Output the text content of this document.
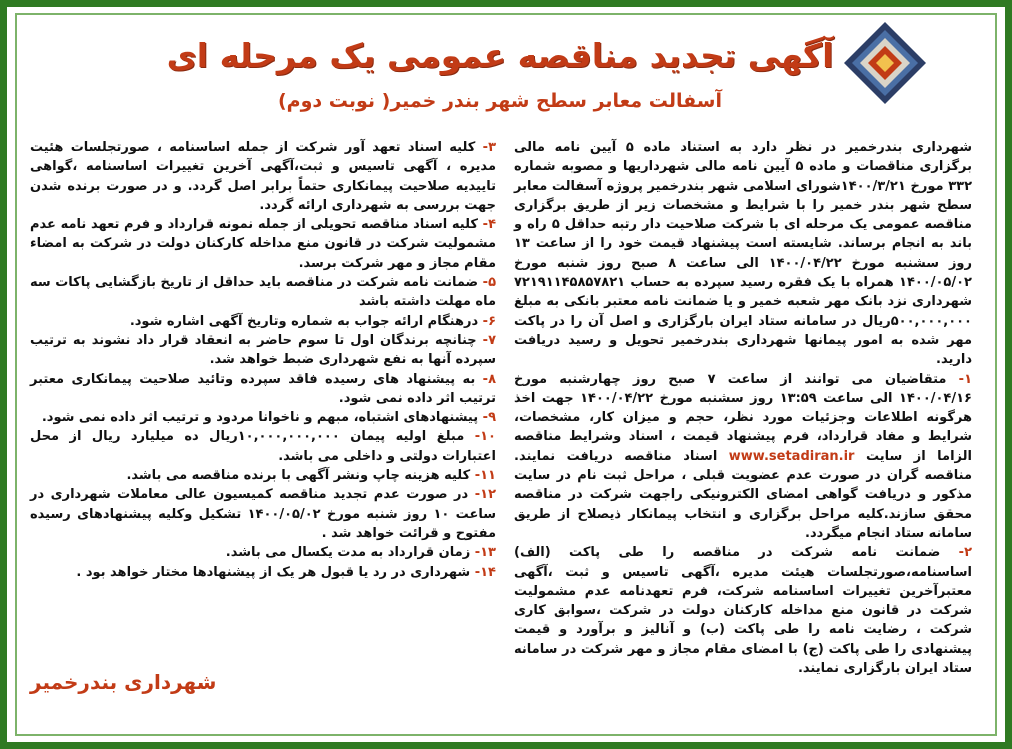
آگهی تجدید مناقصه عمومی یک مرحله ای
آسفالت معابر سطح شهر بندر خمیر( نوبت دوم)

شهرداری بندرخمیر در نظر دارد به استناد ماده ۵ آیین نامه مالی برگزاری مناقصات و ماده ۵ آیین نامه مالی شهرداریها و مصوبه شماره ۳۳۲ مورخ ۱۴۰۰/۳/۲۱شورای اسلامی شهر بندرخمیر پروژه آسفالت معابر سطح شهر بندر خمیر را با شرایط و مشخصات زیر از طریق برگزاری مناقصه عمومی یک مرحله ای با شرکت صلاحیت دار رتبه حداقل ۵ راه و باند به انجام برساند. شایسته است پیشنهاد قیمت خود را از ساعت ۱۳ روز سشنبه مورخ ۱۴۰۰/۰۴/۲۲ الی ساعت ۸ صبح روز شنبه مورخ ۱۴۰۰/۰۵/۰۲ همراه با یک فقره رسید سپرده به حساب ۷۲۱۹۱۱۴۵۸۵۷۸۲۱ شهرداری نزد بانک مهر شعبه خمیر و یا ضمانت نامه معتبر بانکی به مبلغ ۵۰۰,۰۰۰,۰۰۰ریال در سامانه ستاد ایران بارگزاری و اصل آن را در پاکت مهر شده به امور پیمانها شهرداری بندرخمیر تحویل و رسید دریافت دارید.

۱- متقاضیان می توانند از ساعت ۷ صبح روز چهارشنبه مورخ ۱۴۰۰/۰۴/۱۶ الی ساعت ۱۳:۵۹ روز سشنبه مورخ ۱۴۰۰/۰۴/۲۲ جهت اخذ هرگونه اطلاعات وجزئیات مورد نظر، حجم و میزان کار، مشخصات، شرایط و مفاد قرارداد، فرم پیشنهاد قیمت ، اسناد وشرایط مناقصه الزاما از سایت www.setadiran.ir اسناد مناقصه دریافت نمایند. مناقصه گران در صورت عدم عضویت قبلی ، مراحل ثبت نام در سایت مذکور و دریافت گواهی امضای الکترونیکی راجهت شرکت در مناقصه محقق سازند.کلیه مراحل برگزاری و انتخاب پیمانکار ذیصلاح از طریق سامانه ستاد انجام میگردد.

۲- ضمانت نامه شرکت در مناقصه را طی پاکت (الف) اساسنامه،صورتجلسات هیئت مدیره ،آگهی تاسیس و ثبت ،آگهی معتبرآخرین تغییرات اساسنامه شرکت، فرم تعهدنامه عدم مشمولیت شرکت در قانون منع مداخله کارکنان دولت در شرکت ،سوابق کاری شرکت ، رضایت نامه را طی پاکت (ب) و آنالیز و برآورد و قیمت پیشنهادی را طی پاکت (ج) با امضای مقام مجاز و مهر شرکت در سامانه ستاد ایران بارگزاری نمایند.

۳- کلیه اسناد تعهد آور شرکت از جمله اساسنامه ، صورتجلسات هئیت مدیره ، آگهی تاسیس و ثبت،آگهی آخرین تغییرات اساسنامه ،گواهی تاییدیه صلاحیت پیمانکاری حتماً برابر اصل گردد. و در صورت برنده شدن جهت بررسی به شهرداری ارائه گردد.

۴- کلیه اسناد مناقصه تحویلی از جمله نمونه قرارداد و فرم تعهد نامه عدم مشمولیت شرکت در قانون منع مداخله کارکنان دولت در شرکت به امضاء مقام مجاز و مهر شرکت برسد.

۵- ضمانت نامه شرکت در مناقصه باید حداقل از تاریخ بازگشایی پاکات سه ماه مهلت داشته باشد

۶- درهنگام ارائه جواب به شماره وتاریخ آگهی اشاره شود.

۷- چنانچه برندگان اول تا سوم حاضر به انعقاد قرار داد نشوند به ترتیب سپرده آنها به نفع شهرداری ضبط خواهد شد.

۸- به پیشنهاد های رسیده فاقد سپرده وتائید صلاحیت پیمانکاری معتبر ترتیب اثر داده نمی شود.

۹- پیشنهادهای اشتباه، مبهم و ناخوانا مردود و ترتیب اثر داده نمی شود.

۱۰- مبلغ اولیه پیمان ۱۰,۰۰۰,۰۰۰,۰۰۰ریال ده میلیارد ریال از محل اعتبارات دولتی و داخلی می باشد.

۱۱- کلیه هزینه چاپ ونشر آگهی با برنده مناقصه می باشد.

۱۲- در صورت عدم تجدید مناقصه کمیسیون عالی معاملات شهرداری در ساعت ۱۰ روز شنبه مورخ ۱۴۰۰/۰۵/۰۲ تشکیل وکلیه پیشنهادهای رسیده مفتوح و قرائت خواهد شد .

۱۳- زمان قرارداد به مدت یکسال می باشد.

۱۴- شهرداری در رد یا قبول هر یک از پیشنهادها مختار خواهد بود .

شهرداری بندرخمیر
